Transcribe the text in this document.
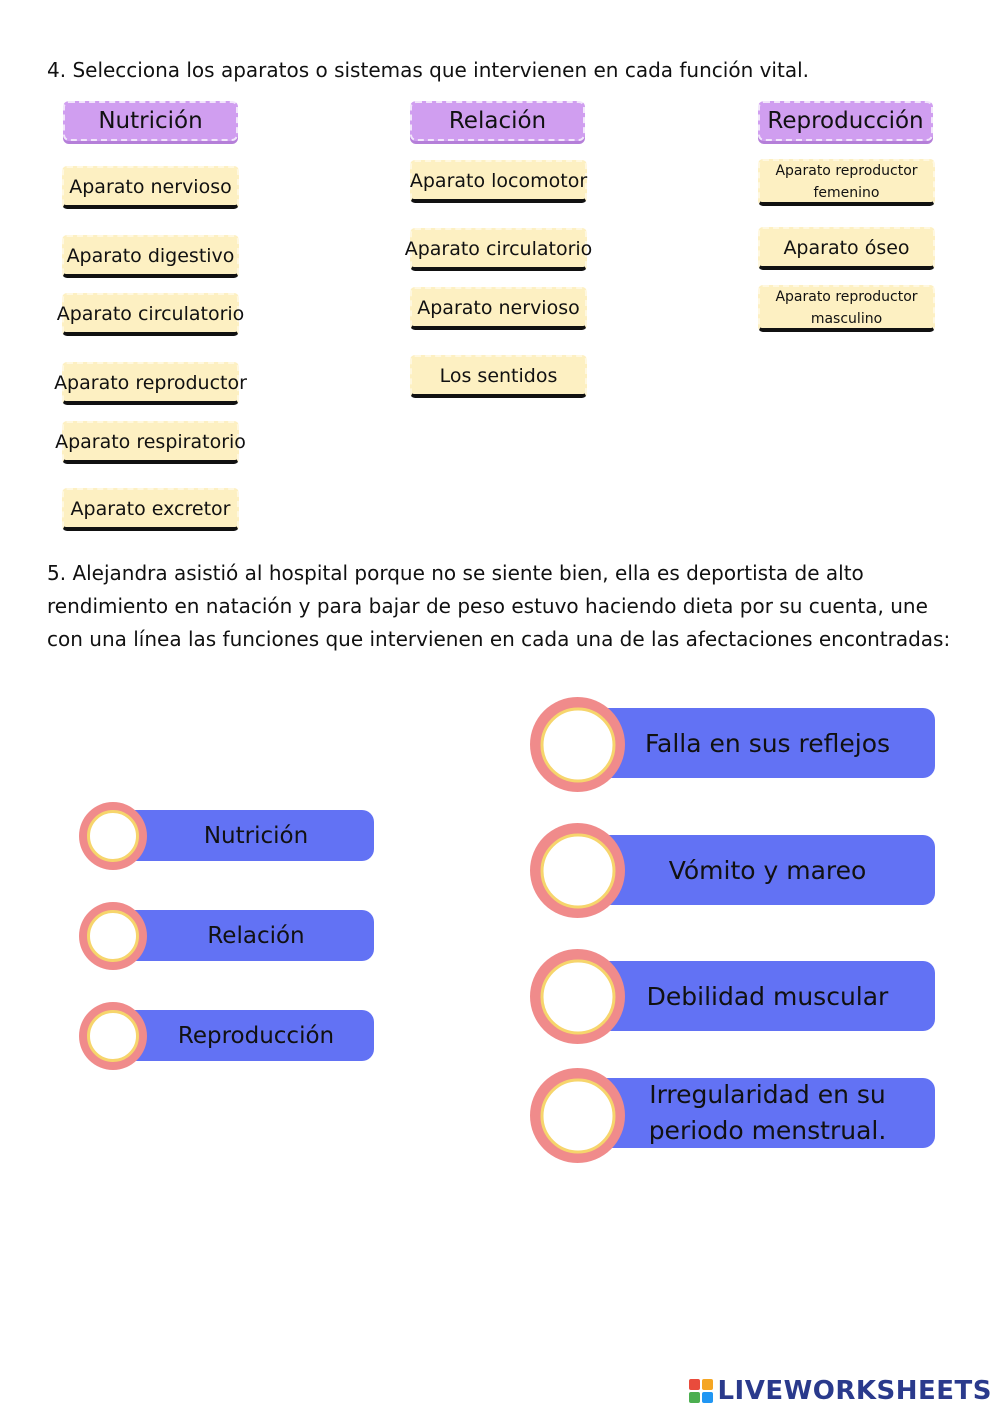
4. Selecciona los aparatos o sistemas que intervienen en cada función vital.

Nutrición	Relación	Reproducción
Aparato nervioso
Aparato digestivo
Aparato circulatorio
Aparato reproductor
Aparato respiratorio
Aparato excretor
Aparato locomotor
Aparato circulatorio
Aparato nervioso
Los sentidos
Aparato reproductor femenino
Aparato óseo
Aparato reproductor masculino

5. Alejandra asistió al hospital porque no se siente bien, ella es deportista de alto rendimiento en natación y para bajar de peso estuvo haciendo dieta por su cuenta, une con una línea las funciones que intervienen en cada una de las afectaciones encontradas:

Nutrición
Relación
Reproducción
Falla en sus reflejos
Vómito y mareo
Debilidad muscular
Irregularidad en su periodo menstrual.
LIVEWORKSHEETS
